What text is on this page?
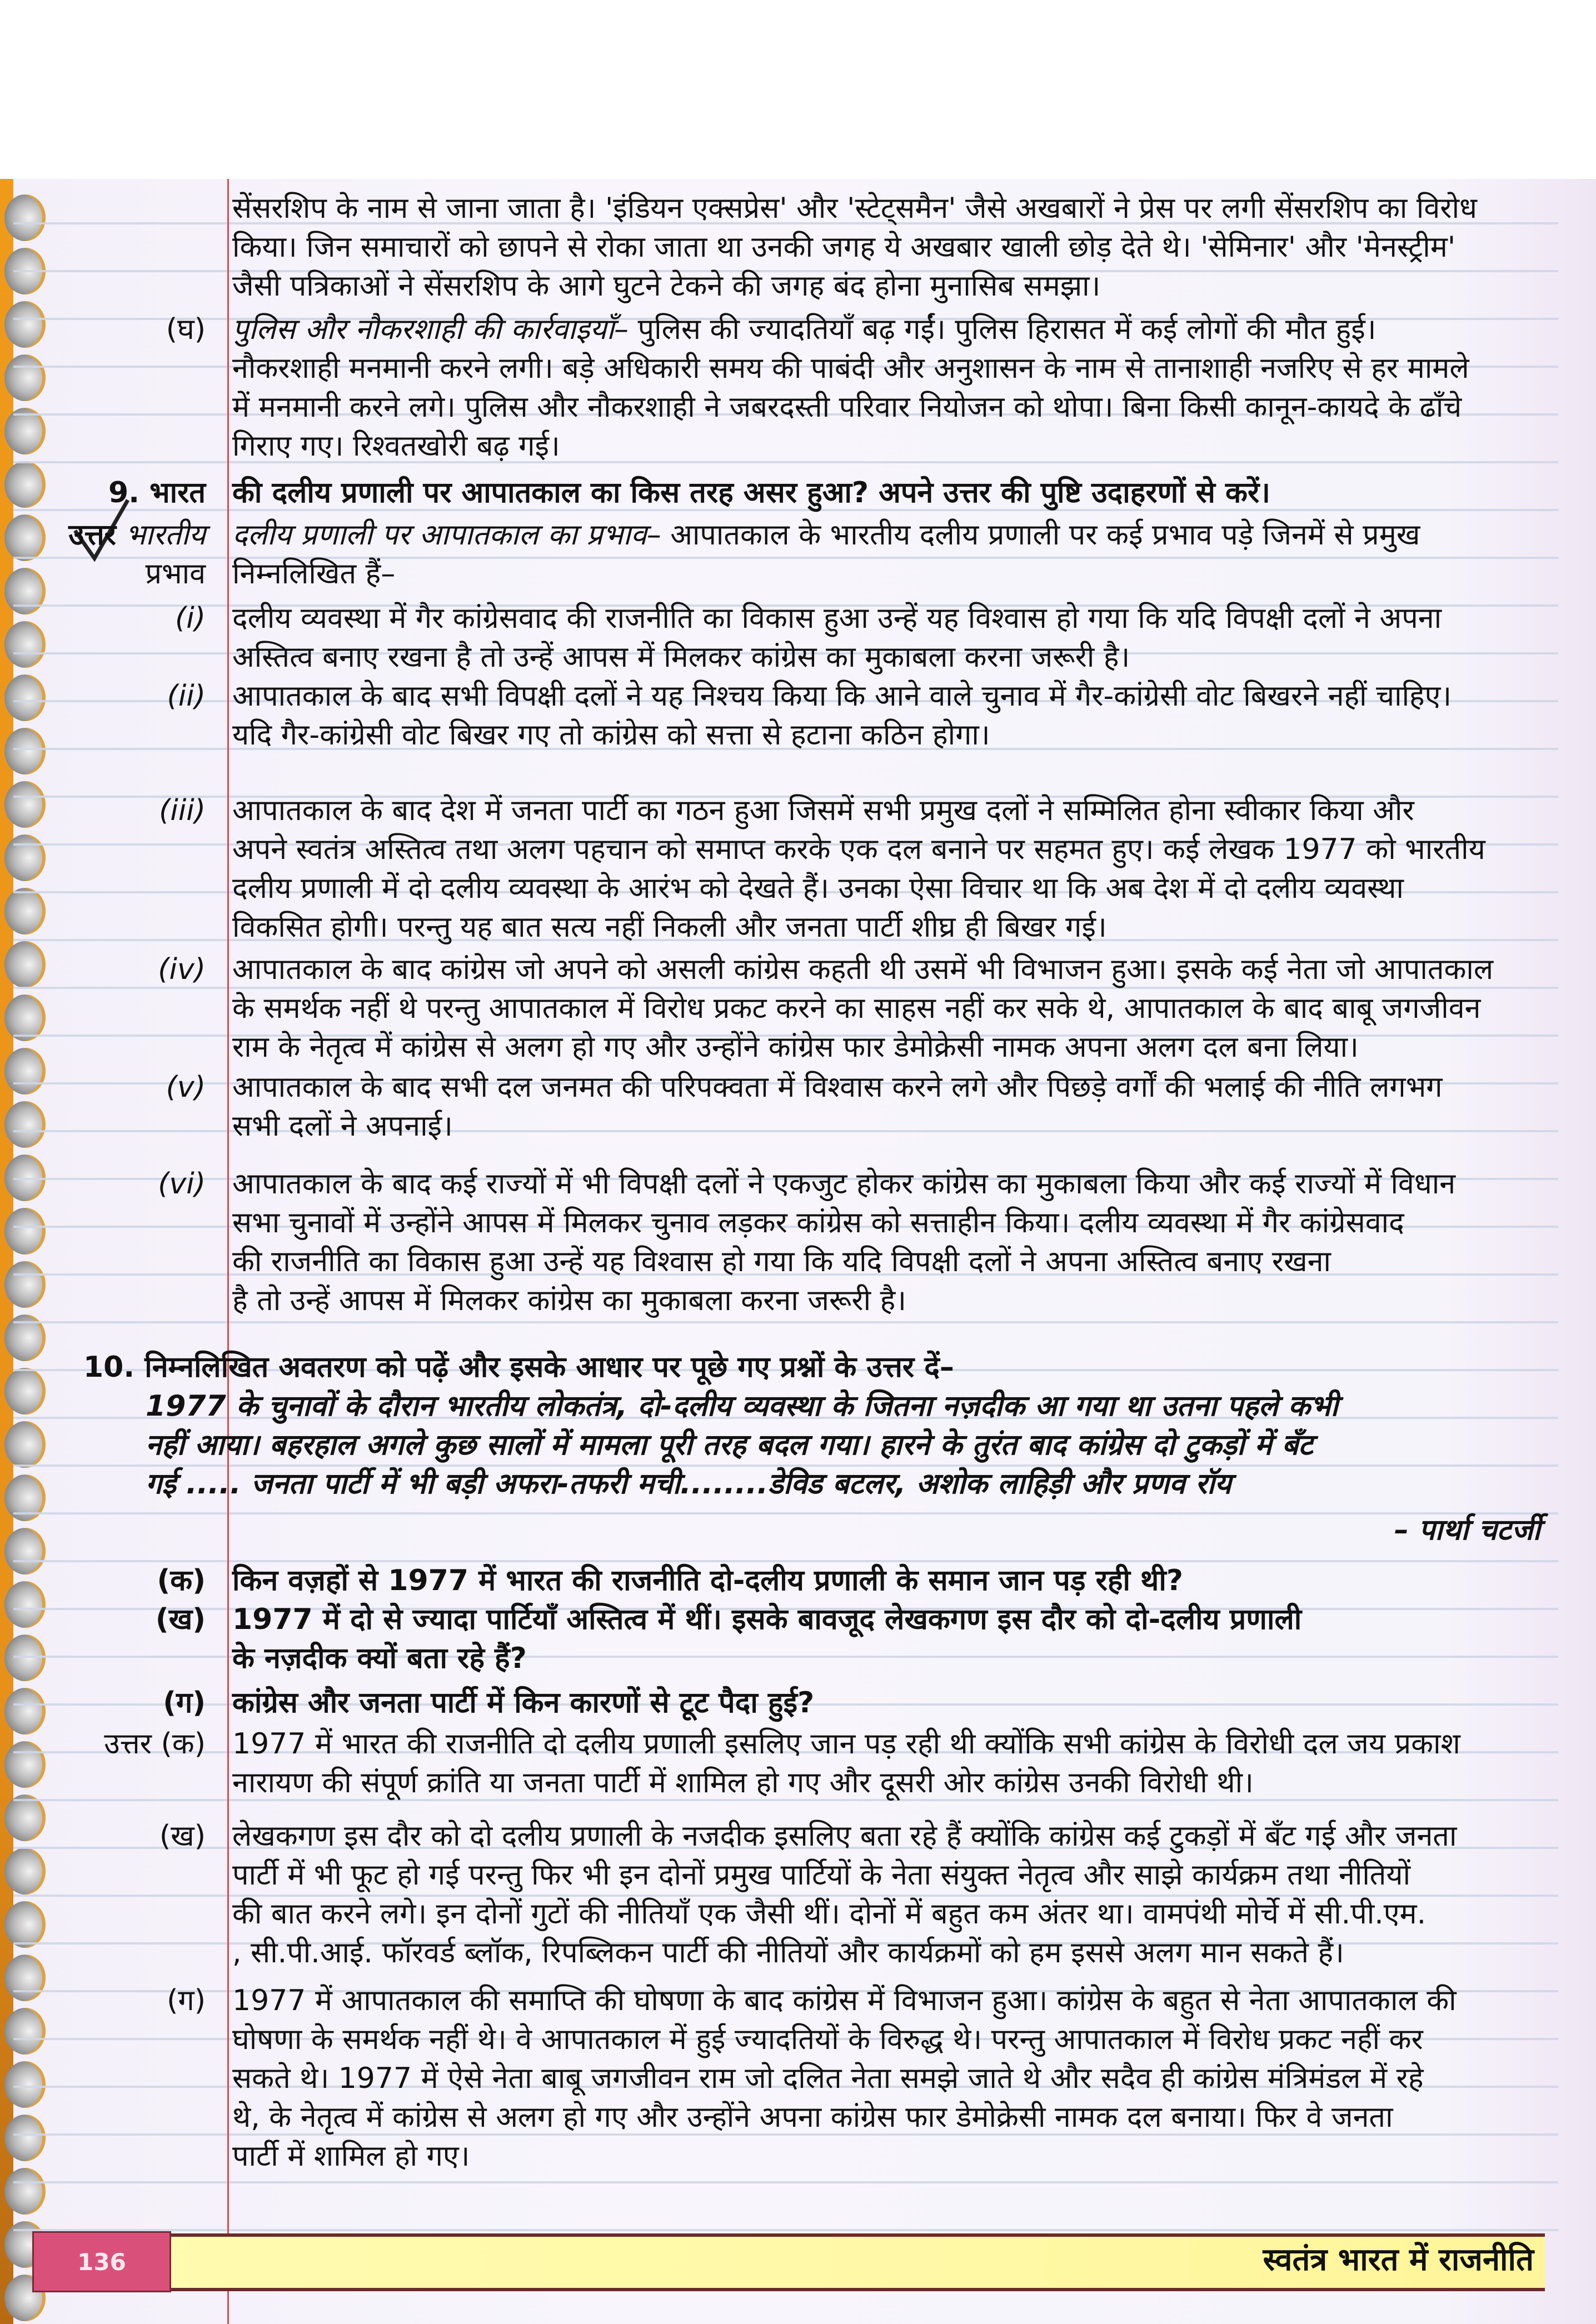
सेंसरशिप के नाम से जाना जाता है। 'इंडियन एक्सप्रेस' और 'स्टेट्समैन' जैसे अखबारों ने प्रेस पर लगी सेंसरशिप का विरोध
किया। जिन समाचारों को छापने से रोका जाता था उनकी जगह ये अखबार खाली छोड़ देते थे। 'सेमिनार' और 'मेनस्ट्रीम'
जैसी पत्रिकाओं ने सेंसरशिप के आगे घुटने टेकने की जगह बंद होना मुनासिब समझा।
(घ) पुलिस और नौकरशाही की कार्रवाइयाँ– पुलिस की ज्यादतियाँ बढ़ गईं। पुलिस हिरासत में कई लोगों की मौत हुई।
नौकरशाही मनमानी करने लगी। बड़े अधिकारी समय की पाबंदी और अनुशासन के नाम से तानाशाही नजरिए से हर मामले
में मनमानी करने लगे। पुलिस और नौकरशाही ने जबरदस्ती परिवार नियोजन को थोपा। बिना किसी कानून-कायदे के ढाँचे
गिराए गए। रिश्वतखोरी बढ़ गई।
9. भारत की दलीय प्रणाली पर आपातकाल का किस तरह असर हुआ? अपने उत्तर की पुष्टि उदाहरणों से करें।
उत्तर भारतीय दलीय प्रणाली पर आपातकाल का प्रभाव– आपातकाल के भारतीय दलीय प्रणाली पर कई प्रभाव पड़े जिनमें से प्रमुख
प्रभाव निम्नलिखित हैं–
(i) दलीय व्यवस्था में गैर कांग्रेसवाद की राजनीति का विकास हुआ उन्हें यह विश्वास हो गया कि यदि विपक्षी दलों ने अपना
अस्तित्व बनाए रखना है तो उन्हें आपस में मिलकर कांग्रेस का मुकाबला करना जरूरी है।
(ii) आपातकाल के बाद सभी विपक्षी दलों ने यह निश्चय किया कि आने वाले चुनाव में गैर-कांग्रेसी वोट बिखरने नहीं चाहिए।
यदि गैर-कांग्रेसी वोट बिखर गए तो कांग्रेस को सत्ता से हटाना कठिन होगा।
(iii) आपातकाल के बाद देश में जनता पार्टी का गठन हुआ जिसमें सभी प्रमुख दलों ने सम्मिलित होना स्वीकार किया और
अपने स्वतंत्र अस्तित्व तथा अलग पहचान को समाप्त करके एक दल बनाने पर सहमत हुए। कई लेखक 1977 को भारतीय
दलीय प्रणाली में दो दलीय व्यवस्था के आरंभ को देखते हैं। उनका ऐसा विचार था कि अब देश में दो दलीय व्यवस्था
विकसित होगी। परन्तु यह बात सत्य नहीं निकली और जनता पार्टी शीघ्र ही बिखर गई।
(iv) आपातकाल के बाद कांग्रेस जो अपने को असली कांग्रेस कहती थी उसमें भी विभाजन हुआ। इसके कई नेता जो आपातकाल
के समर्थक नहीं थे परन्तु आपातकाल में विरोध प्रकट करने का साहस नहीं कर सके थे, आपातकाल के बाद बाबू जगजीवन
राम के नेतृत्व में कांग्रेस से अलग हो गए और उन्होंने कांग्रेस फार डेमोक्रेसी नामक अपना अलग दल बना लिया।
(v) आपातकाल के बाद सभी दल जनमत की परिपक्वता में विश्वास करने लगे और पिछड़े वर्गों की भलाई की नीति लगभग
सभी दलों ने अपनाई।
(vi) आपातकाल के बाद कई राज्यों में भी विपक्षी दलों ने एकजुट होकर कांग्रेस का मुकाबला किया और कई राज्यों में विधान
सभा चुनावों में उन्होंने आपस में मिलकर चुनाव लड़कर कांग्रेस को सत्ताहीन किया। दलीय व्यवस्था में गैर कांग्रेसवाद
की राजनीति का विकास हुआ उन्हें यह विश्वास हो गया कि यदि विपक्षी दलों ने अपना अस्तित्व बनाए रखना
है तो उन्हें आपस में मिलकर कांग्रेस का मुकाबला करना जरूरी है।
10. निम्नलिखित अवतरण को पढ़ें और इसके आधार पर पूछे गए प्रश्नों के उत्तर दें–
1977 के चुनावों के दौरान भारतीय लोकतंत्र, दो-दलीय व्यवस्था के जितना नज़दीक आ गया था उतना पहले कभी
नहीं आया। बहरहाल अगले कुछ सालों में मामला पूरी तरह बदल गया। हारने के तुरंत बाद कांग्रेस दो टुकड़ों में बँट
गई ..... जनता पार्टी में भी बड़ी अफरा-तफरी मची........डेविड बटलर, अशोक लाहिड़ी और प्रणव रॉय
– पार्था चटर्जी
(क) किन वज़हों से 1977 में भारत की राजनीति दो-दलीय प्रणाली के समान जान पड़ रही थी?
(ख) 1977 में दो से ज्यादा पार्टियाँ अस्तित्व में थीं। इसके बावजूद लेखकगण इस दौर को दो-दलीय प्रणाली
के नज़दीक क्यों बता रहे हैं?
(ग) कांग्रेस और जनता पार्टी में किन कारणों से टूट पैदा हुई?
उत्तर (क) 1977 में भारत की राजनीति दो दलीय प्रणाली इसलिए जान पड़ रही थी क्योंकि सभी कांग्रेस के विरोधी दल जय प्रकाश
नारायण की संपूर्ण क्रांति या जनता पार्टी में शामिल हो गए और दूसरी ओर कांग्रेस उनकी विरोधी थी।
(ख) लेखकगण इस दौर को दो दलीय प्रणाली के नजदीक इसलिए बता रहे हैं क्योंकि कांग्रेस कई टुकड़ों में बँट गई और जनता
पार्टी में भी फूट हो गई परन्तु फिर भी इन दोनों प्रमुख पार्टियों के नेता संयुक्त नेतृत्व और साझे कार्यक्रम तथा नीतियों
की बात करने लगे। इन दोनों गुटों की नीतियाँ एक जैसी थीं। दोनों में बहुत कम अंतर था। वामपंथी मोर्चे में सी.पी.एम.
, सी.पी.आई. फॉरवर्ड ब्लॉक, रिपब्लिकन पार्टी की नीतियों और कार्यक्रमों को हम इससे अलग मान सकते हैं।
(ग) 1977 में आपातकाल की समाप्ति की घोषणा के बाद कांग्रेस में विभाजन हुआ। कांग्रेस के बहुत से नेता आपातकाल की
घोषणा के समर्थक नहीं थे। वे आपातकाल में हुई ज्यादतियों के विरुद्ध थे। परन्तु आपातकाल में विरोध प्रकट नहीं कर
सकते थे। 1977 में ऐसे नेता बाबू जगजीवन राम जो दलित नेता समझे जाते थे और सदैव ही कांग्रेस मंत्रिमंडल में रहे
थे, के नेतृत्व में कांग्रेस से अलग हो गए और उन्होंने अपना कांग्रेस फार डेमोक्रेसी नामक दल बनाया। फिर वे जनता
पार्टी में शामिल हो गए।
136	स्वतंत्र भारत में राजनीति
